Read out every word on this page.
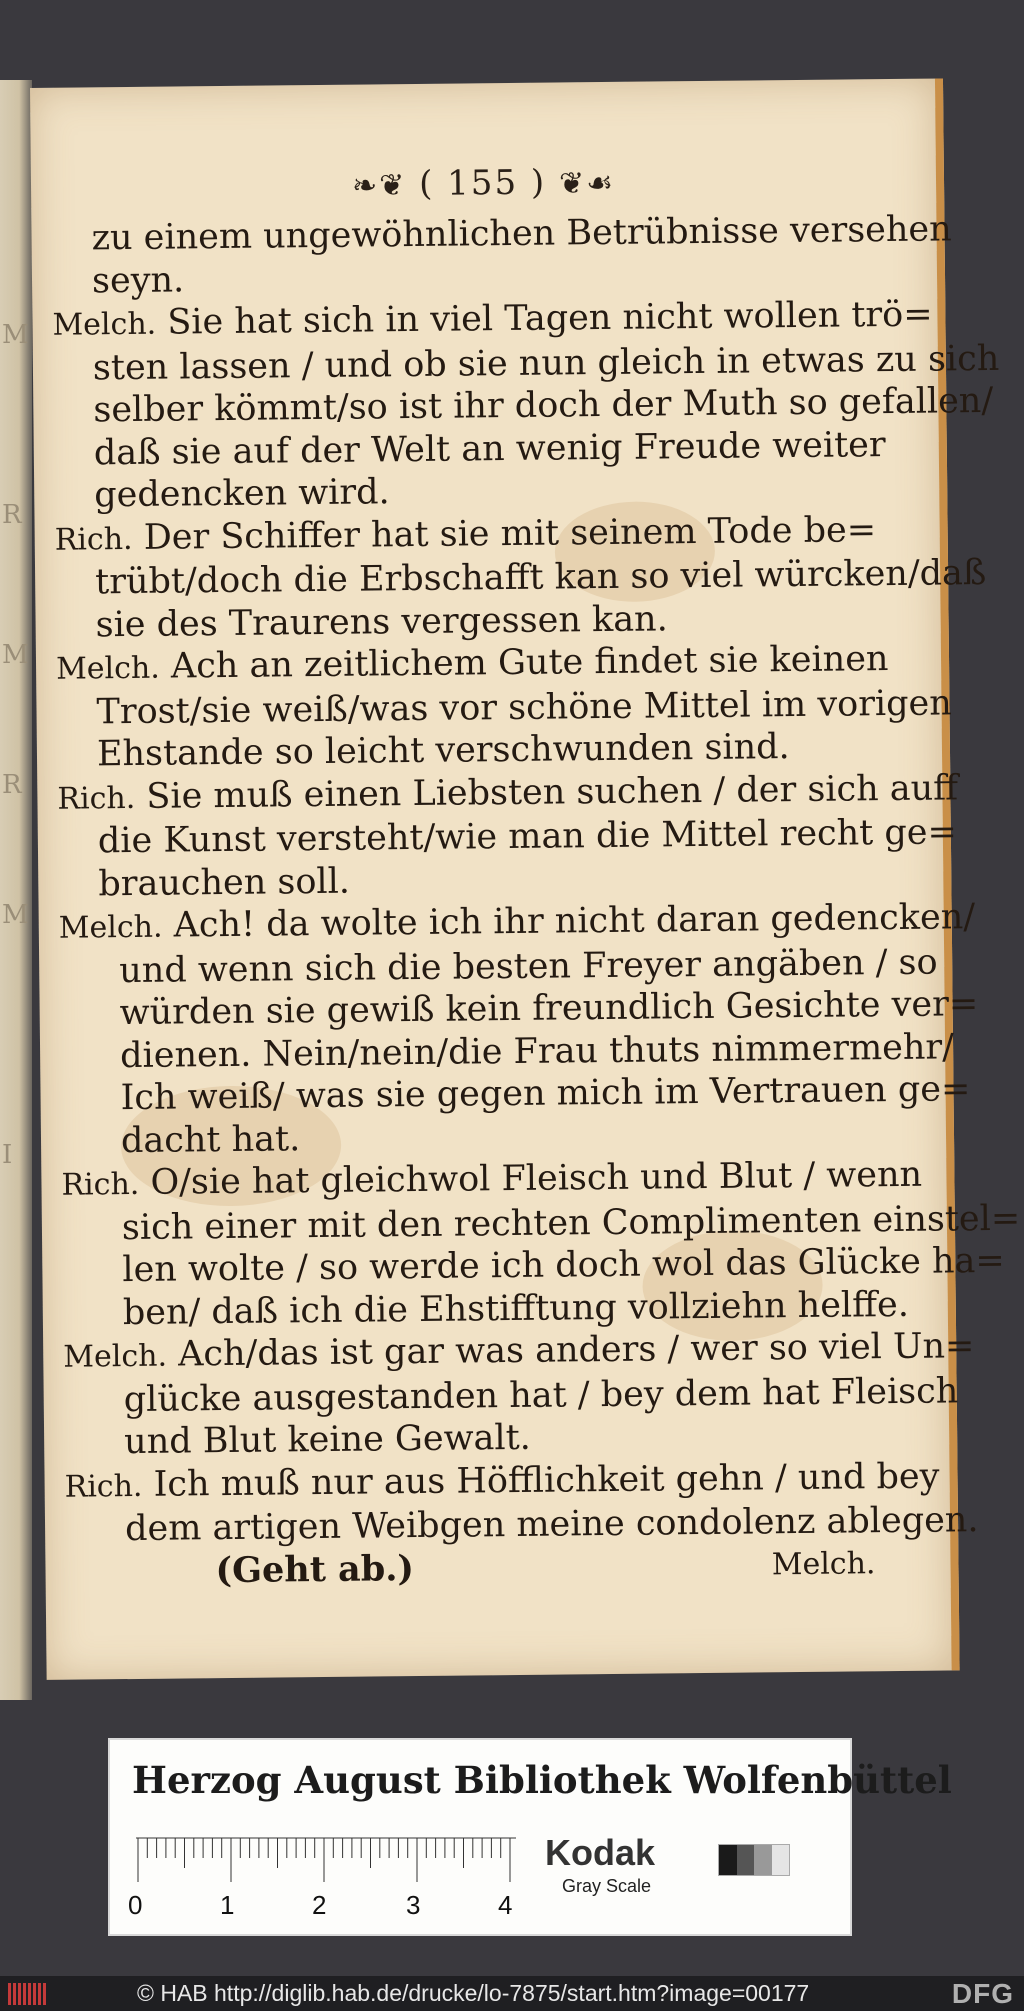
M
R
M
R
M
I
❧❦ ( 155 ) ❦☙
zu einem ungewöhnlichen Betrübnisse versehen
seyn.
Melch. Sie hat sich in viel Tagen nicht wollen trö=
sten lassen / und ob sie nun gleich in etwas zu sich
selber kömmt/so ist ihr doch der Muth so gefallen/
daß sie auf der Welt an wenig Freude weiter
gedencken wird.
Rich. Der Schiffer hat sie mit seinem Tode be=
trübt/doch die Erbschafft kan so viel würcken/daß
sie des Traurens vergessen kan.
Melch. Ach an zeitlichem Gute findet sie keinen
Trost/sie weiß/was vor schöne Mittel im vorigen
Ehstande so leicht verschwunden sind.
Rich. Sie muß einen Liebsten suchen / der sich auff
die Kunst versteht/wie man die Mittel recht ge=
brauchen soll.
Melch. Ach! da wolte ich ihr nicht daran gedencken/
und wenn sich die besten Freyer angäben / so
würden sie gewiß kein freundlich Gesichte ver=
dienen. Nein/nein/die Frau thuts nimmermehr/
Ich weiß/ was sie gegen mich im Vertrauen ge=
dacht hat.
Rich. O/sie hat gleichwol Fleisch und Blut / wenn
sich einer mit den rechten Complimenten einstel=
len wolte / so werde ich doch wol das Glücke ha=
ben/ daß ich die Ehstifftung vollziehn helffe.
Melch. Ach/das ist gar was anders / wer so viel Un=
glücke ausgestanden hat / bey dem hat Fleisch
und Blut keine Gewalt.
Rich. Ich muß nur aus Höfflichkeit gehn / und bey
dem artigen Weibgen meine condolenz ablegen.
(Geht ab.)	Melch.
Herzog August Bibliothek Wolfenbüttel
0	1	2	3	4
Kodak
Gray Scale
© HAB http://diglib.hab.de/drucke/lo-7875/start.htm?image=00177	DFG
